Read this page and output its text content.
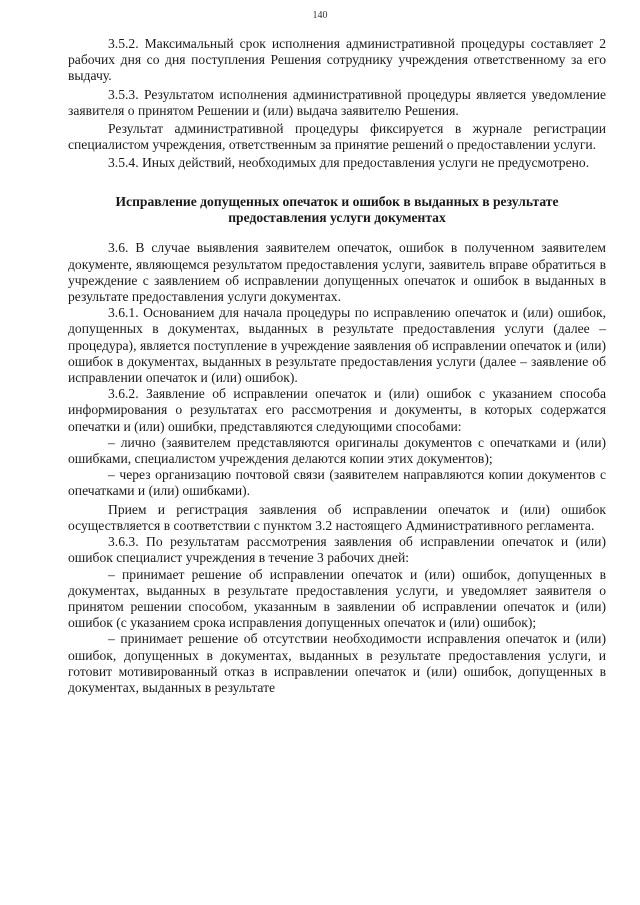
140

3.5.2. Максимальный срок исполнения административной процедуры составляет 2 рабочих дня со дня поступления Решения сотруднику учреждения ответственному за его выдачу.

3.5.3. Результатом исполнения административной процедуры является уведомление заявителя о принятом Решении и (или) выдача заявителю Решения.

Результат административной процедуры фиксируется в журнале регистрации специалистом учреждения, ответственным за принятие решений о предоставлении услуги.

3.5.4. Иных действий, необходимых для предоставления услуги не предусмотрено.

Исправление допущенных опечаток и ошибок в выданных в результате предоставления услуги документах

3.6. В случае выявления заявителем опечаток, ошибок в полученном заявителем документе, являющемся результатом предоставления услуги, заявитель вправе обратиться в учреждение с заявлением об исправлении допущенных опечаток и ошибок в выданных в результате предоставления услуги документах.

3.6.1. Основанием для начала процедуры по исправлению опечаток и (или) ошибок, допущенных в документах, выданных в результате предоставления услуги (далее – процедура), является поступление в учреждение заявления об исправлении опечаток и (или) ошибок в документах, выданных в результате предоставления услуги (далее – заявление об исправлении опечаток и (или) ошибок).

3.6.2. Заявление об исправлении опечаток и (или) ошибок с указанием способа информирования о результатах его рассмотрения и документы, в которых содержатся опечатки и (или) ошибки, представляются следующими способами:

– лично (заявителем представляются оригиналы документов с опечатками и (или) ошибками, специалистом учреждения делаются копии этих документов);

– через организацию почтовой связи (заявителем направляются копии документов с опечатками и (или) ошибками).

Прием и регистрация заявления об исправлении опечаток и (или) ошибок осуществляется в соответствии с пунктом 3.2 настоящего Административного регламента.

3.6.3. По результатам рассмотрения заявления об исправлении опечаток и (или) ошибок специалист учреждения в течение 3 рабочих дней:

– принимает решение об исправлении опечаток и (или) ошибок, допущенных в документах, выданных в результате предоставления услуги, и уведомляет заявителя о принятом решении способом, указанным в заявлении об исправлении опечаток и (или) ошибок (с указанием срока исправления допущенных опечаток и (или) ошибок);

– принимает решение об отсутствии необходимости исправления опечаток и (или) ошибок, допущенных в документах, выданных в результате предоставления услуги, и готовит мотивированный отказ в исправлении опечаток и (или) ошибок, допущенных в документах, выданных в результате
